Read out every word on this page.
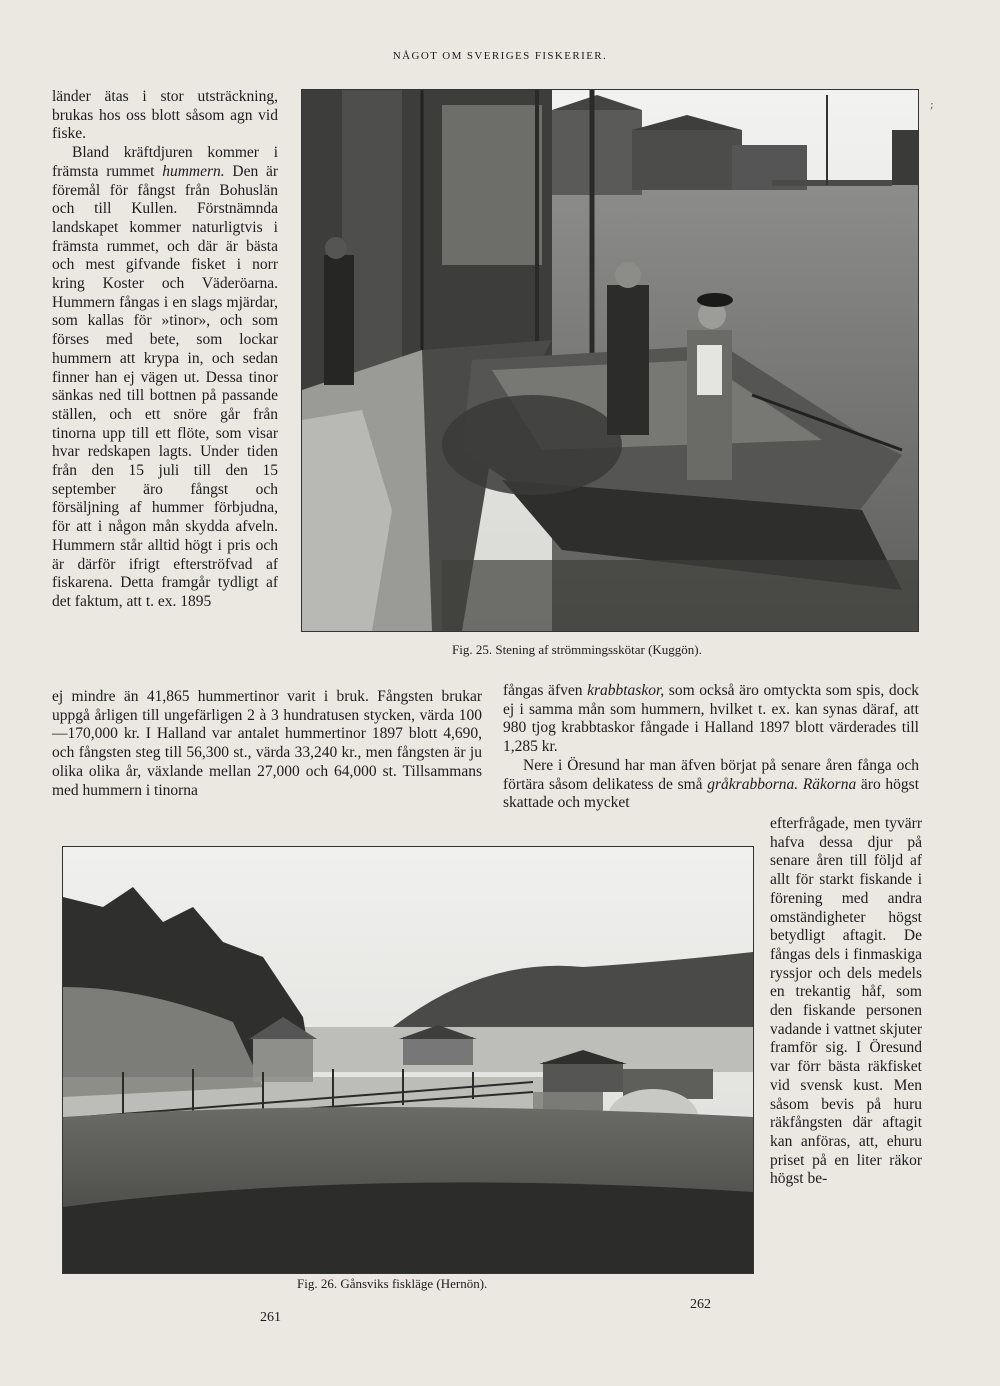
NÅGOT OM SVERIGES FISKERIER.
;

länder ätas i stor utsträckning, brukas hos oss blott såsom agn vid fiske.

Bland kräftdjuren kommer i främsta rummet hummern. Den är föremål för fångst från Bohuslän och till Kullen. Förstnämnda landskapet kommer naturligtvis i främsta rummet, och där är bästa och mest gifvande fisket i norr kring Koster och Väderöarna. Hummern fångas i en slags mjärdar, som kallas för »tinor», och som förses med bete, som lockar hummern att krypa in, och sedan finner han ej vägen ut. Dessa tinor sänkas ned till bottnen på passande ställen, och ett snöre går från tinorna upp till ett flöte, som visar hvar redskapen lagts. Under tiden från den 15 juli till den 15 september äro fångst och försäljning af hummer förbjudna, för att i någon mån skydda afveln. Hummern står alltid högt i pris och är därför ifrigt efterströfvad af fiskarena. Detta framgår tydligt af det faktum, att t. ex. 1895

Fig. 25. Stening af strömmingsskötar (Kuggön).

ej mindre än 41,865 hummertinor varit i bruk. Fångsten brukar uppgå årligen till ungefärligen 2 à 3 hundratusen stycken, värda 100—170,000 kr. I Halland var antalet hummertinor 1897 blott 4,690, och fångsten steg till 56,300 st., värda 33,240 kr., men fångsten är ju olika olika år, växlande mellan 27,000 och 64,000 st. Tillsammans med hummern i tinorna

fångas äfven krabbtaskor, som också äro omtyckta som spis, dock ej i samma mån som hummern, hvilket t. ex. kan synas däraf, att 980 tjog krabbtaskor fångade i Halland 1897 blott värderades till 1,285 kr.

Nere i Öresund har man äfven börjat på senare åren fånga och förtära såsom delikatess de små gråkrabborna. Räkorna äro högst skattade och mycket

Fig. 26. Gånsviks fiskläge (Hernön).

efterfrågade, men tyvärr hafva dessa djur på senare åren till följd af allt för starkt fiskande i förening med andra omständigheter högst betydligt aftagit. De fångas dels i finmaskiga ryssjor och dels medels en trekantig håf, som den fiskande personen vadande i vattnet skjuter framför sig. I Öresund var förr bästa räkfisket vid svensk kust. Men såsom bevis på huru räkfångsten där aftagit kan anföras, att, ehuru priset på en liter räkor högst be-

261
262
